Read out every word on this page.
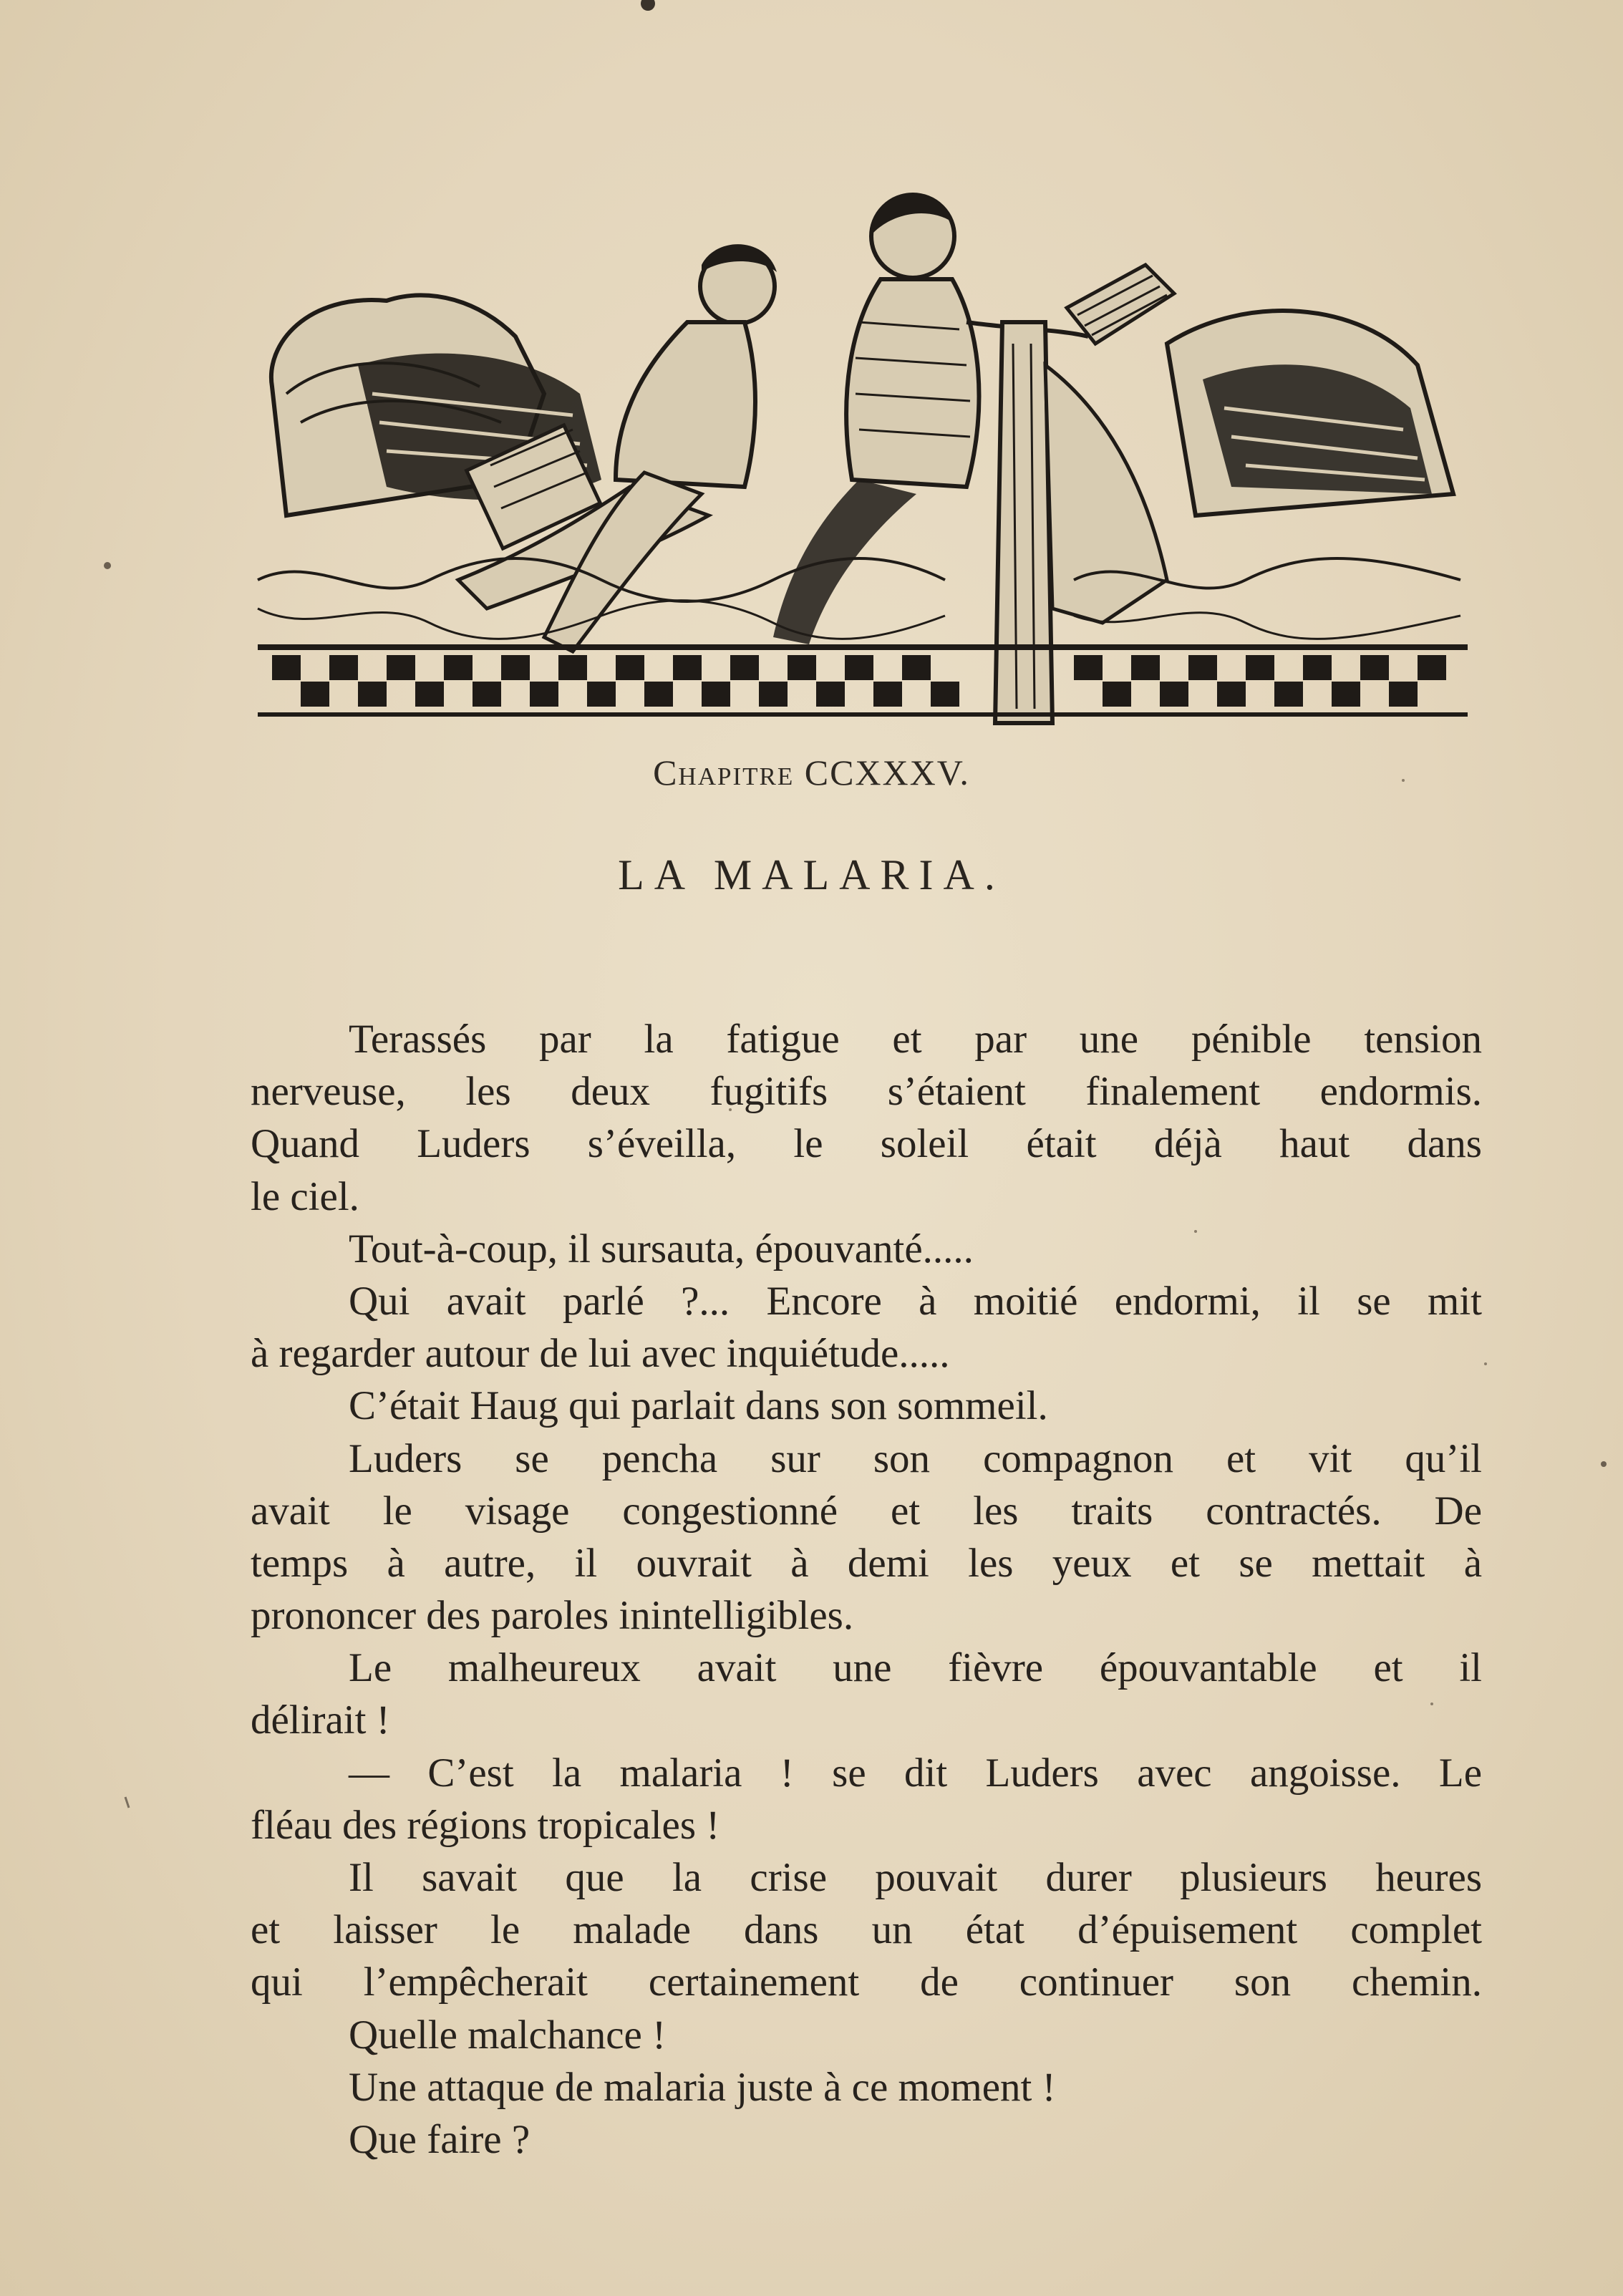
Chapitre CCXXXV.
LA MALARIA.
Terassés par la fatigue et par une pénible tension
nerveuse, les deux fugitifs s’étaient finalement endormis.
Quand Luders s’éveilla, le soleil était déjà haut dans
le ciel.
Tout-à-coup, il sursauta, épouvanté.....
Qui avait parlé ?... Encore à moitié endormi, il se mit
à regarder autour de lui avec inquiétude.....
C’était Haug qui parlait dans son sommeil.
Luders se pencha sur son compagnon et vit qu’il
avait le visage congestionné et les traits contractés. De
temps à autre, il ouvrait à demi les yeux et se mettait à
prononcer des paroles inintelligibles.
Le malheureux avait une fièvre épouvantable et il
délirait !
— C’est la malaria ! se dit Luders avec angoisse. Le
fléau des régions tropicales !
Il savait que la crise pouvait durer plusieurs heures
et laisser le malade dans un état d’épuisement complet
qui l’empêcherait certainement de continuer son chemin.
Quelle malchance !
Une attaque de malaria juste à ce moment !
Que faire ?
